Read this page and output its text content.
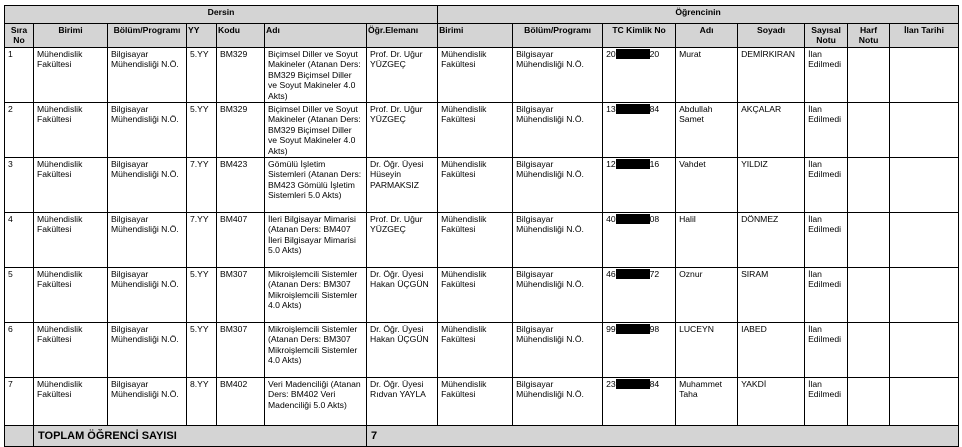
Dersin							Öğrencinin							
Sıra No	Birimi	Bölüm/Programı	YY	Kodu	Adı	Öğr.Elemanı	Birimi	Bölüm/Programı	TC Kimlik No	Adı	Soyadı	Sayısal Notu	Harf Notu	İlan Tarihi
1	Mühendislik Fakültesi	Bilgisayar Mühendisliği N.Ö.	5.YY	BM329	Biçimsel Diller ve Soyut Makineler (Atanan Ders: BM329 Biçimsel Diller ve Soyut Makineler 4.0 Akts)	Prof. Dr. Uğur YÜZGEÇ	Mühendislik Fakültesi	Bilgisayar Mühendisliği N.Ö.	20 20	Murat	DEMİRKIRAN	İlan Edilmedi		
2	Mühendislik Fakültesi	Bilgisayar Mühendisliği N.Ö.	5.YY	BM329	Biçimsel Diller ve Soyut Makineler (Atanan Ders: BM329 Biçimsel Diller ve Soyut Makineler 4.0 Akts)	Prof. Dr. Uğur YÜZGEÇ	Mühendislik Fakültesi	Bilgisayar Mühendisliği N.Ö.	13 84	Abdullah Samet	AKÇALAR	İlan Edilmedi		
3	Mühendislik Fakültesi	Bilgisayar Mühendisliği N.Ö.	7.YY	BM423	Gömülü İşletim Sistemleri (Atanan Ders: BM423 Gömülü İşletim Sistemleri 5.0 Akts)	Dr. Öğr. Üyesi Hüseyin PARMAKSIZ	Mühendislik Fakültesi	Bilgisayar Mühendisliği N.Ö.	12 16	Vahdet	YILDIZ	İlan Edilmedi		
4	Mühendislik Fakültesi	Bilgisayar Mühendisliği N.Ö.	7.YY	BM407	İleri Bilgisayar Mimarisi (Atanan Ders: BM407 İleri Bilgisayar Mimarisi 5.0 Akts)	Prof. Dr. Uğur YÜZGEÇ	Mühendislik Fakültesi	Bilgisayar Mühendisliği N.Ö.	40 08	Halil	DÖNMEZ	İlan Edilmedi		
5	Mühendislik Fakültesi	Bilgisayar Mühendisliği N.Ö.	5.YY	BM307	Mikroişlemcili Sistemler (Atanan Ders: BM307 Mikroişlemcili Sistemler 4.0 Akts)	Dr. Öğr. Üyesi Hakan ÜÇGÜN	Mühendislik Fakültesi	Bilgisayar Mühendisliği N.Ö.	46 72	Oznur	SIRAM	İlan Edilmedi		
6	Mühendislik Fakültesi	Bilgisayar Mühendisliği N.Ö.	5.YY	BM307	Mikroişlemcili Sistemler (Atanan Ders: BM307 Mikroişlemcili Sistemler 4.0 Akts)	Dr. Öğr. Üyesi Hakan ÜÇGÜN	Mühendislik Fakültesi	Bilgisayar Mühendisliği N.Ö.	99 98	LUCEYN	IABED	İlan Edilmedi		
7	Mühendislik Fakültesi	Bilgisayar Mühendisliği N.Ö.	8.YY	BM402	Veri Madenciliği (Atanan Ders: BM402 Veri Madenciliği 5.0 Akts)	Dr. Öğr. Üyesi Rıdvan YAYLA	Mühendislik Fakültesi	Bilgisayar Mühendisliği N.Ö.	23 84	Muhammet Taha	YAKDİ	İlan Edilmedi		
	TOPLAM ÖĞRENCİ SAYISI					7								
